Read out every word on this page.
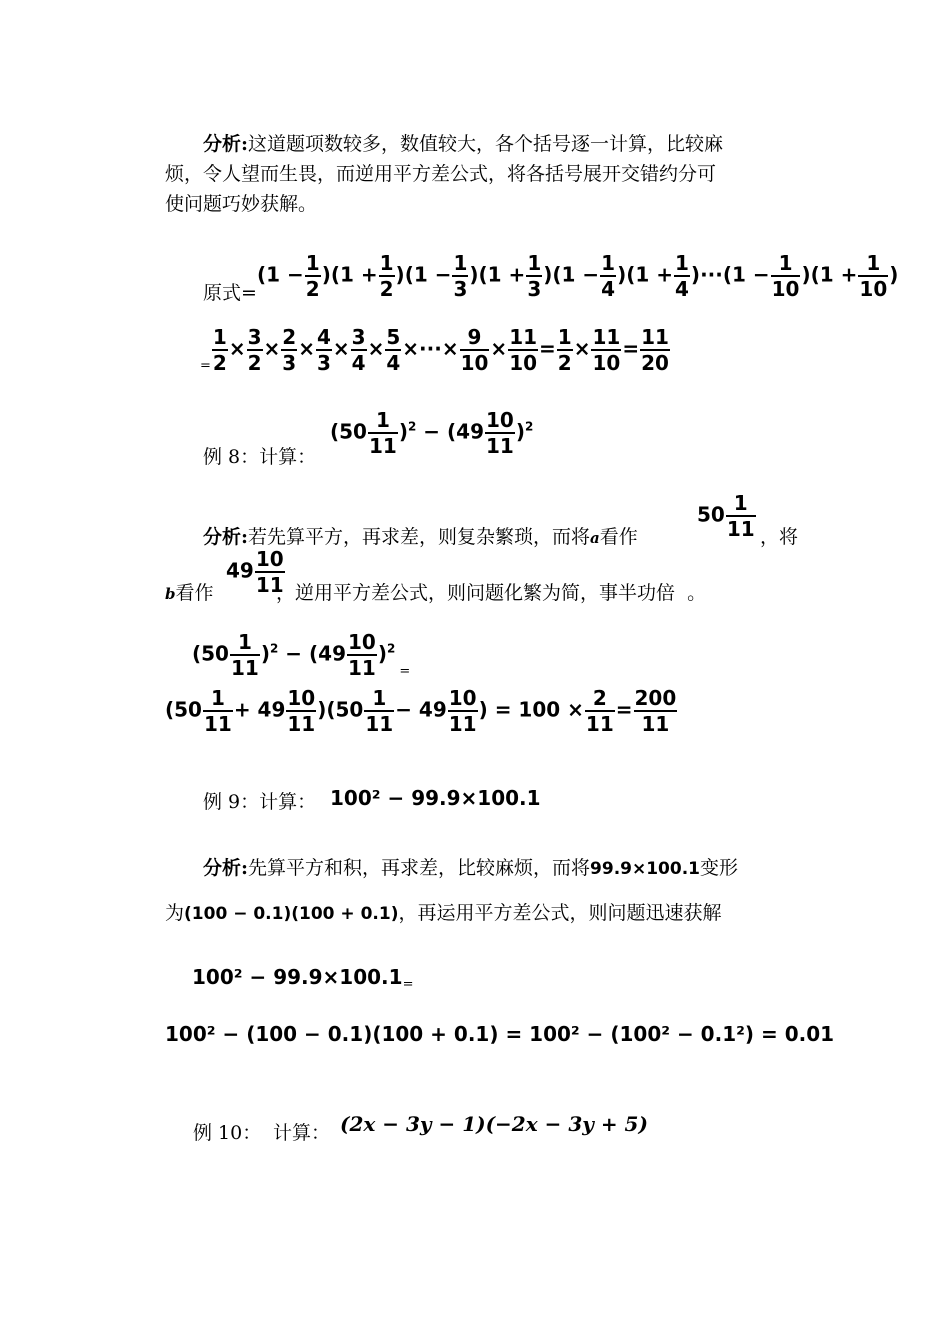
分析:这道题项数较多，数值较大，各个括号逐一计算，比较麻
烦，令人望而生畏，而逆用平方差公式，将各括号展开交错约分可
使问题巧妙获解。
原式=
$(1 - \frac{1}{2} )(1 + \frac{1}{2} )(1 - \frac{1}{3} )(1 + \frac{1}{3} )(1 - \frac{1}{4} )(1 + \frac{1}{4} )\cdot\cdot\cdot(1 - \frac{1}{10} )(1 + \frac{1}{10}$ )
$_= \frac{1}{2} \times \frac{3}{2} \times \frac{2}{3} \times \frac{4}{3} \times \frac{3}{4} \times \frac{5}{4}$ ×···× $\frac{9}{10} \times \frac{11}{10} = \frac{1}{2} \times \frac{11}{10} = \frac{11}{20}$
例 8：计算：
$(50 \frac{1}{11} )^2 - (49 \frac{10}{11} )^2$
分析:若先算平方，再求差，则复杂繁琐，而将a看作
$50 \frac{1}{11}$ ，将
b看作
$49 \frac{10}{11}$
，逆用平方差公式，则问题化繁为简，事半功倍 。
$(50 \frac{1}{11} )^2 - (49 \frac{10}{11} )^2_=$
$(50 \frac{1}{11} + 49 \frac{10}{11} )(50 \frac{1}{11} - 49 \frac{10}{11}$ ) = $100 \times \frac{2}{11} = \frac{200}{11}$
例 9：计算： 100² − 99.9×100.1
分析:先算平方和积，再求差，比较麻烦，而将99.9×100.1变形
为(100 − 0.1)(100 + 0.1)，再运用平方差公式，则问题迅速获解
$100^2 - 99.9\times 100.1_=$
100² − (100 − 0.1)(100 + 0.1) = 100² − (100² − 0.1²) = 0.01
例 10： 计算： (2x − 3y − 1)(−2x − 3y + 5)
